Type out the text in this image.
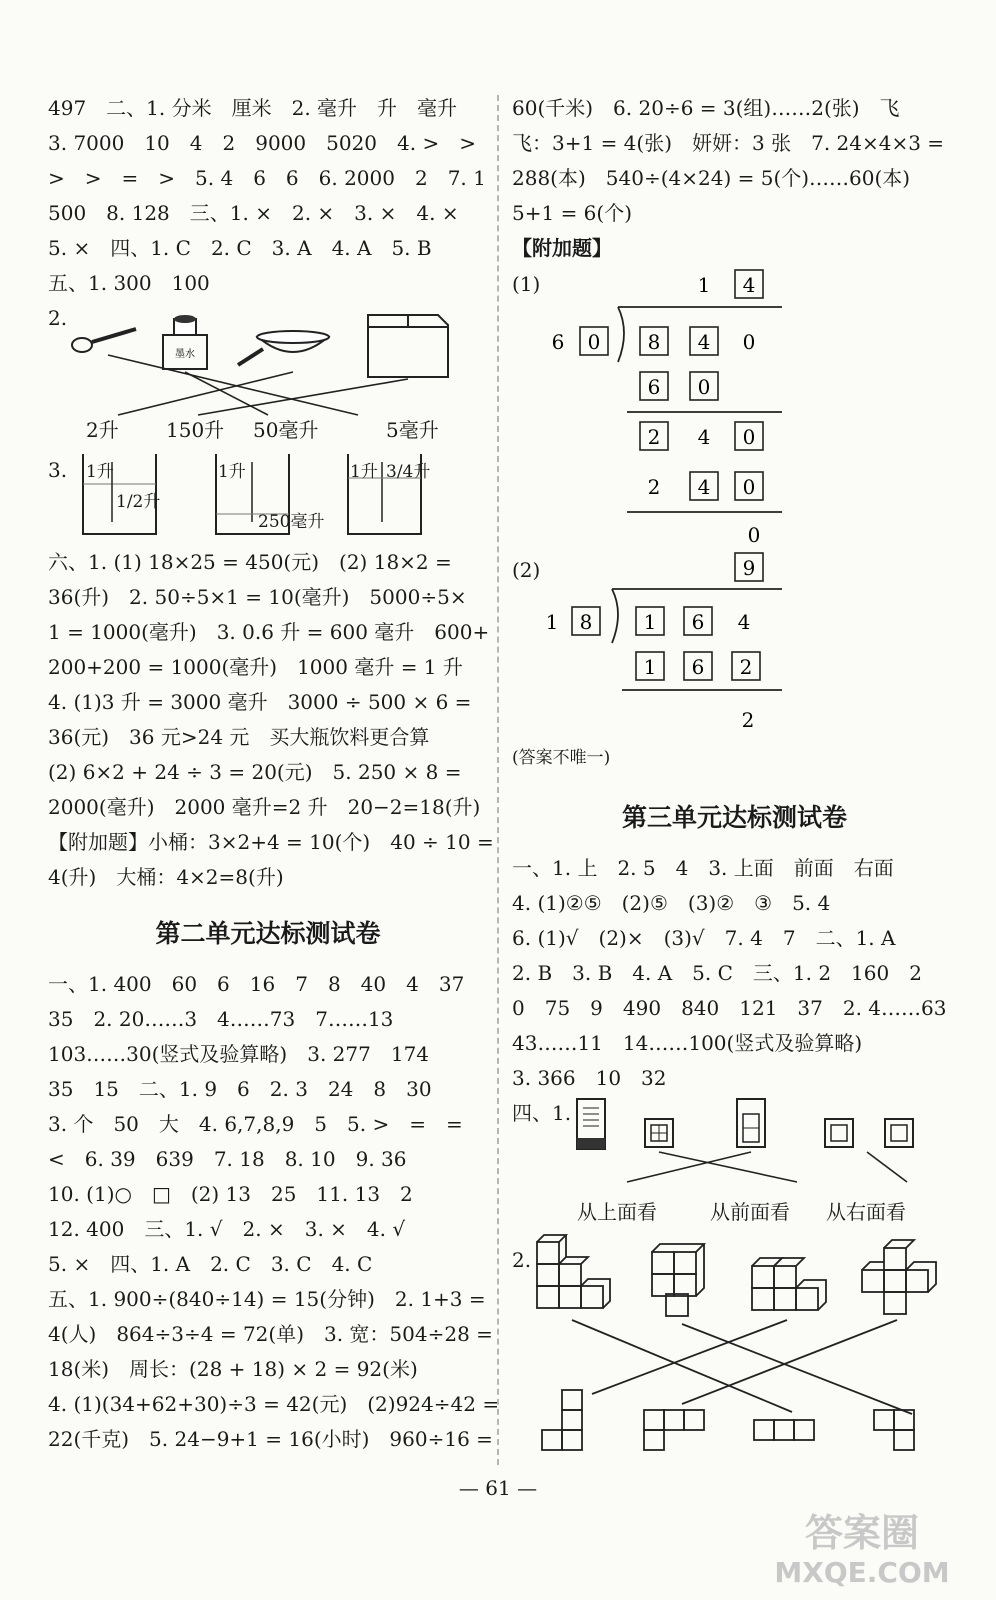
497　二、1. 分米　厘米　2. 毫升　升　毫升
3. 7000　10　4　2　9000　5020　4. >　>
>　>　=　>　5. 4　6　6　6. 2000　2　7. 1
500　8. 128　三、1. ×　2. ×　3. ×　4. ×
5. ×　四、1. C　2. C　3. A　4. A　5. B
五、1. 300　100
2.
墨水
2升 150升 50毫升	5毫升
3. 1升
1/2升
1升
250毫升
1升 3/4升
六、1. (1) 18×25 = 450(元)　(2) 18×2 =
36(升)　2. 50÷5×1 = 10(毫升)　5000÷5×
1 = 1000(毫升)　3. 0.6 升 = 600 毫升　600+
200+200 = 1000(毫升)　1000 毫升 = 1 升
4. (1)3 升 = 3000 毫升　3000 ÷ 500 × 6 =
36(元)　36 元>24 元　买大瓶饮料更合算
(2) 6×2 + 24 ÷ 3 = 20(元)　5. 250 × 8 =
2000(毫升)　2000 毫升=2 升　20−2=18(升)
【附加题】小桶：3×2+4 = 10(个)　40 ÷ 10 =
4(升)　大桶：4×2=8(升)
第二单元达标测试卷
一、1. 400　60　6　16　7　8　40　4　37
35　2. 20……3　4……73　7……13
103……30(竖式及验算略)　3. 277　174
35　15　二、1. 9　6　2. 3　24　8　30
3. 个　50　大　4. 6,7,8,9　5　5. >　=　=
<　6. 39　639　7. 18　8. 10　9. 36
10. (1)○　□　(2) 13　25　11. 13　2
12. 400　三、1. √　2. ×　3. ×　4. √
5. ×　四、1. A　2. C　3. C　4. C
五、1. 900÷(840÷14) = 15(分钟)　2. 1+3 =
4(人)　864÷3÷4 = 72(单)　3. 宽：504÷28 =
18(米)　周长：(28 + 18) × 2 = 92(米)
4. (1)(34+62+30)÷3 = 42(元)　(2)924÷42 =
22(千克)　5. 24−9+1 = 16(小时)　960÷16 =
60(千米)　6. 20÷6 = 3(组)……2(张)　飞
飞：3+1 = 4(张)　妍妍：3 张　7. 24×4×3 =
288(本)　540÷(4×24) = 5(个)……60(本)
5+1 = 6(个)
【附加题】
(1)	1 4
6 0 8 4 0
6 0
2 4 0
2 4 0
0
(2)	9
1 8	1 6 4
1 6 2
2
(答案不唯一)
第三单元达标测试卷
一、1. 上　2. 5　4　3. 上面　前面　右面
4. (1)②⑤　(2)⑤　(3)②　③　5. 4
6. (1)√　(2)×　(3)√　7. 4　7　二、1. A
2. B　3. B　4. A　5. C　三、1. 2　160　2
0　75　9　490　840　121　37　2. 4……63
43……11　14……100(竖式及验算略)
3. 366　10　32
四、1.
从上面看	从前面看 从右面看
2.
— 61 —
答案圈
MXQE.COM
